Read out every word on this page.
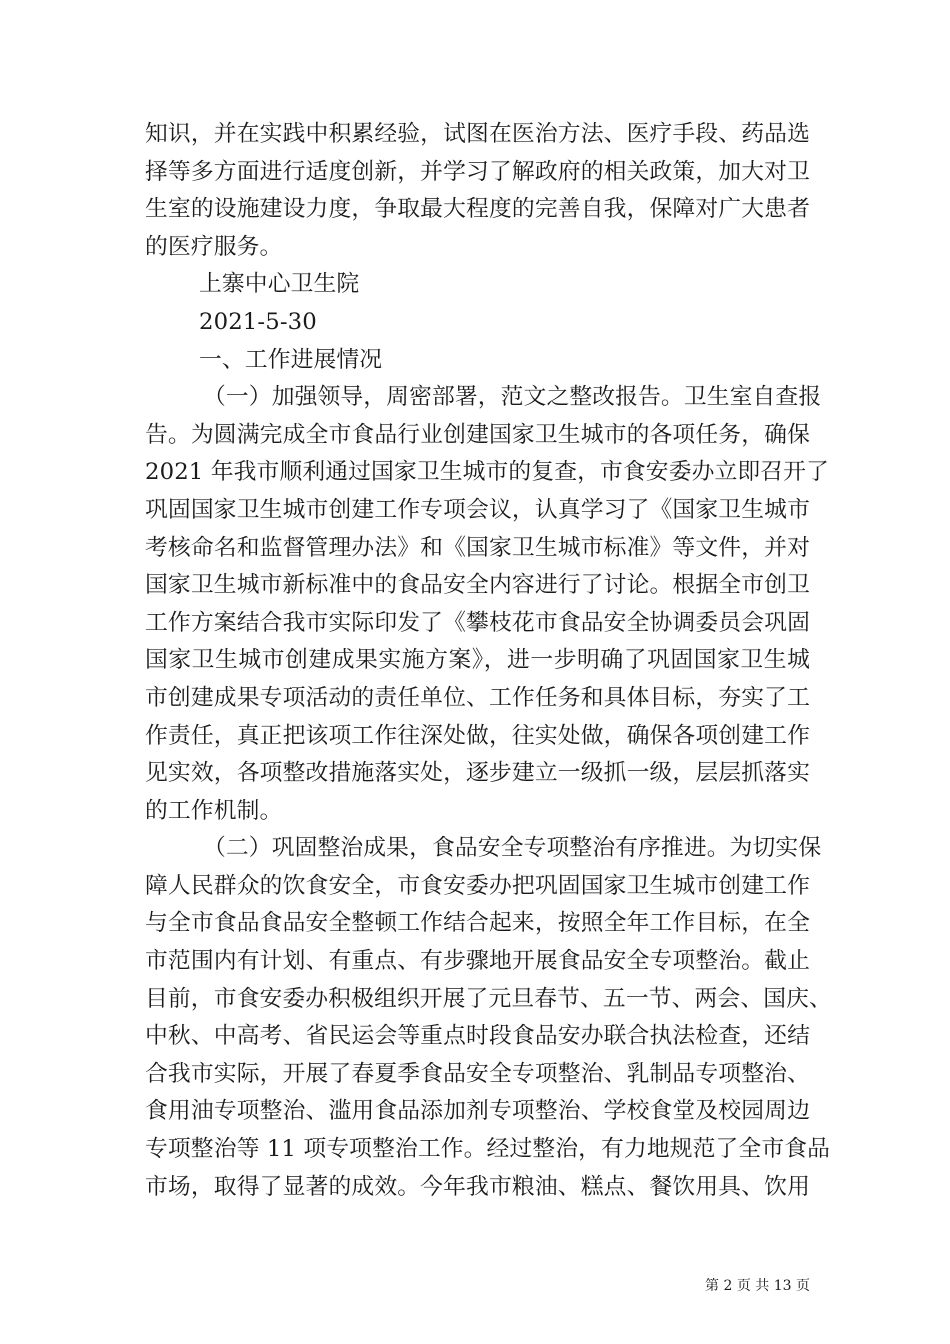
知识，并在实践中积累经验，试图在医治方法、医疗手段、药品选
择等多方面进行适度创新，并学习了解政府的相关政策，加大对卫
生室的设施建设力度，争取最大程度的完善自我，保障对广大患者
的医疗服务。
上寨中心卫生院
2021-5-30
一、工作进展情况
（一）加强领导，周密部署，范文之整改报告。卫生室自查报
告。为圆满完成全市食品行业创建国家卫生城市的各项任务，确保
2021 年我市顺利通过国家卫生城市的复查，市食安委办立即召开了
巩固国家卫生城市创建工作专项会议，认真学习了《国家卫生城市
考核命名和监督管理办法》和《国家卫生城市标准》等文件，并对
国家卫生城市新标准中的食品安全内容进行了讨论。根据全市创卫
工作方案结合我市实际印发了《攀枝花市食品安全协调委员会巩固
国家卫生城市创建成果实施方案》，进一步明确了巩固国家卫生城
市创建成果专项活动的责任单位、工作任务和具体目标，夯实了工
作责任，真正把该项工作往深处做，往实处做，确保各项创建工作
见实效，各项整改措施落实处，逐步建立一级抓一级，层层抓落实
的工作机制。
（二）巩固整治成果，食品安全专项整治有序推进。为切实保
障人民群众的饮食安全，市食安委办把巩固国家卫生城市创建工作
与全市食品食品安全整顿工作结合起来，按照全年工作目标，在全
市范围内有计划、有重点、有步骤地开展食品安全专项整治。截止
目前，市食安委办积极组织开展了元旦春节、五一节、两会、国庆、
中秋、中高考、省民运会等重点时段食品安办联合执法检查，还结
合我市实际，开展了春夏季食品安全专项整治、乳制品专项整治、
食用油专项整治、滥用食品添加剂专项整治、学校食堂及校园周边
专项整治等 11 项专项整治工作。经过整治，有力地规范了全市食品
市场，取得了显著的成效。今年我市粮油、糕点、餐饮用具、饮用
第 2 页 共 13 页
